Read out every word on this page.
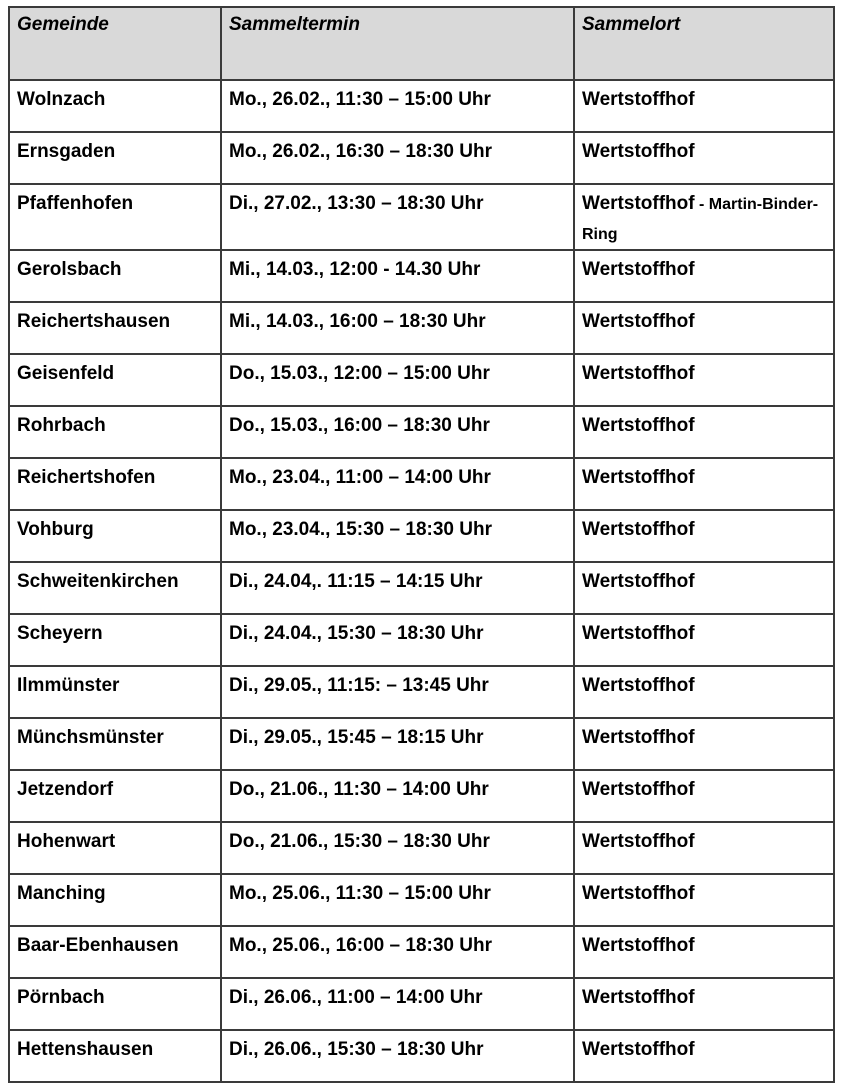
Gemeinde	Sammeltermin	Sammelort
Wolnzach	Mo., 26.02., 11:30 – 15:00 Uhr	Wertstoffhof
Ernsgaden	Mo., 26.02., 16:30 – 18:30 Uhr	Wertstoffhof
Pfaffenhofen	Di., 27.02., 13:30 – 18:30 Uhr	Wertstoffhof - Martin-Binder-Ring
Gerolsbach	Mi., 14.03., 12:00 - 14.30 Uhr	Wertstoffhof
Reichertshausen	Mi., 14.03., 16:00 – 18:30 Uhr	Wertstoffhof
Geisenfeld	Do., 15.03., 12:00 – 15:00 Uhr	Wertstoffhof
Rohrbach	Do., 15.03., 16:00 – 18:30 Uhr	Wertstoffhof
Reichertshofen	Mo., 23.04., 11:00 – 14:00 Uhr	Wertstoffhof
Vohburg	Mo., 23.04., 15:30 – 18:30 Uhr	Wertstoffhof
Schweitenkirchen	Di., 24.04,. 11:15 – 14:15 Uhr	Wertstoffhof
Scheyern	Di., 24.04., 15:30 – 18:30 Uhr	Wertstoffhof
Ilmmünster	Di., 29.05., 11:15: – 13:45 Uhr	Wertstoffhof
Münchsmünster	Di., 29.05., 15:45 – 18:15 Uhr	Wertstoffhof
Jetzendorf	Do., 21.06., 11:30 – 14:00 Uhr	Wertstoffhof
Hohenwart	Do., 21.06., 15:30 – 18:30 Uhr	Wertstoffhof
Manching	Mo., 25.06., 11:30 – 15:00 Uhr	Wertstoffhof
Baar-Ebenhausen	Mo., 25.06., 16:00 – 18:30 Uhr	Wertstoffhof
Pörnbach	Di., 26.06., 11:00 – 14:00 Uhr	Wertstoffhof
Hettenshausen	Di., 26.06., 15:30 – 18:30 Uhr	Wertstoffhof
